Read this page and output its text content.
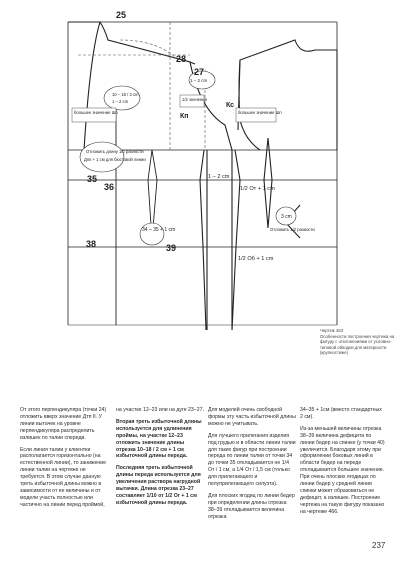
25
27
28
35
36
38	39
Кп
Кс
1 – 2 cm
1/2 От + 1 cm
34 – 35 + 1 cm
1/2 Об + 1 cm
3 cm
1 – 2 cm
10 – 18 / 2 cm
1 – 2 cm
большее значение Шп	большее значение Шп
Отложить длину 1/2 разности
Дпп + 1 см для бюстовой линии
1/2 значения
Отложить 1/2 разности
Чертеж 453
Особенности построения чертежа на фигуру с отклонениями от условно-типовой обводки для матерности (крупностиже)

От этого перпендикуляра (точки 24) отложить вверх значение Дтп II. У линии вытачек на уровне перпендикуляра распределить излишек по талии спереди.

Если линия талии у клиентки располагается горизонтально (на естественной линии), то занижение линии талии на чертеже не требуется. В этом случае данную треть избыточной длины можно в зависимости от ее величины и от модели участь полностью или частично на линии перед проймой,

на участке 12–23 или на дуге 23–27.

Вторая треть избыточной длины используется для удлинения проймы, на участке 12–23 отложить значение длины отрезка 10–18 / 2 см + 1 см избыточной длины переда.

Последняя треть избыточной длины переда используется для увеличения раствора нагрудной вытачки. Длина отрезка 23–27 составляет 1/10 от 1/2 Ог + 1 см избыточной длины переда.

Для моделей очень свободной формы эту часть избыточной длины можно не учитывать.

Для лучшего прилегания изделия под грудью и в области линии талии для таких фигур при построении переда по линии талии от точки 34 до точки 35 откладывается не 1/4 От / 1 см, а 1/4 От / 1,5 см (только для прилегающего и полуприлегающего силуэта).

Для плоских ягодиц по линии бедер при определении длины отрезка 38–39 откладывается величина отрезка

34–35 + 1см (вместо стандартных 2 см).

Из-за меньшей величины отрезка 38–39 величина дефицита по линии бедер на спинке (у точки 40) увеличится. Благодаря этому при оформлении боковых линий в области бедер на переде откладывается большее значение. При очень плоских ягодицах по линии бедер у средней линии спинки может образоваться не дефицит, а излишек. Построение чертежа на такую фигуру показано на чертеже 466.

237
